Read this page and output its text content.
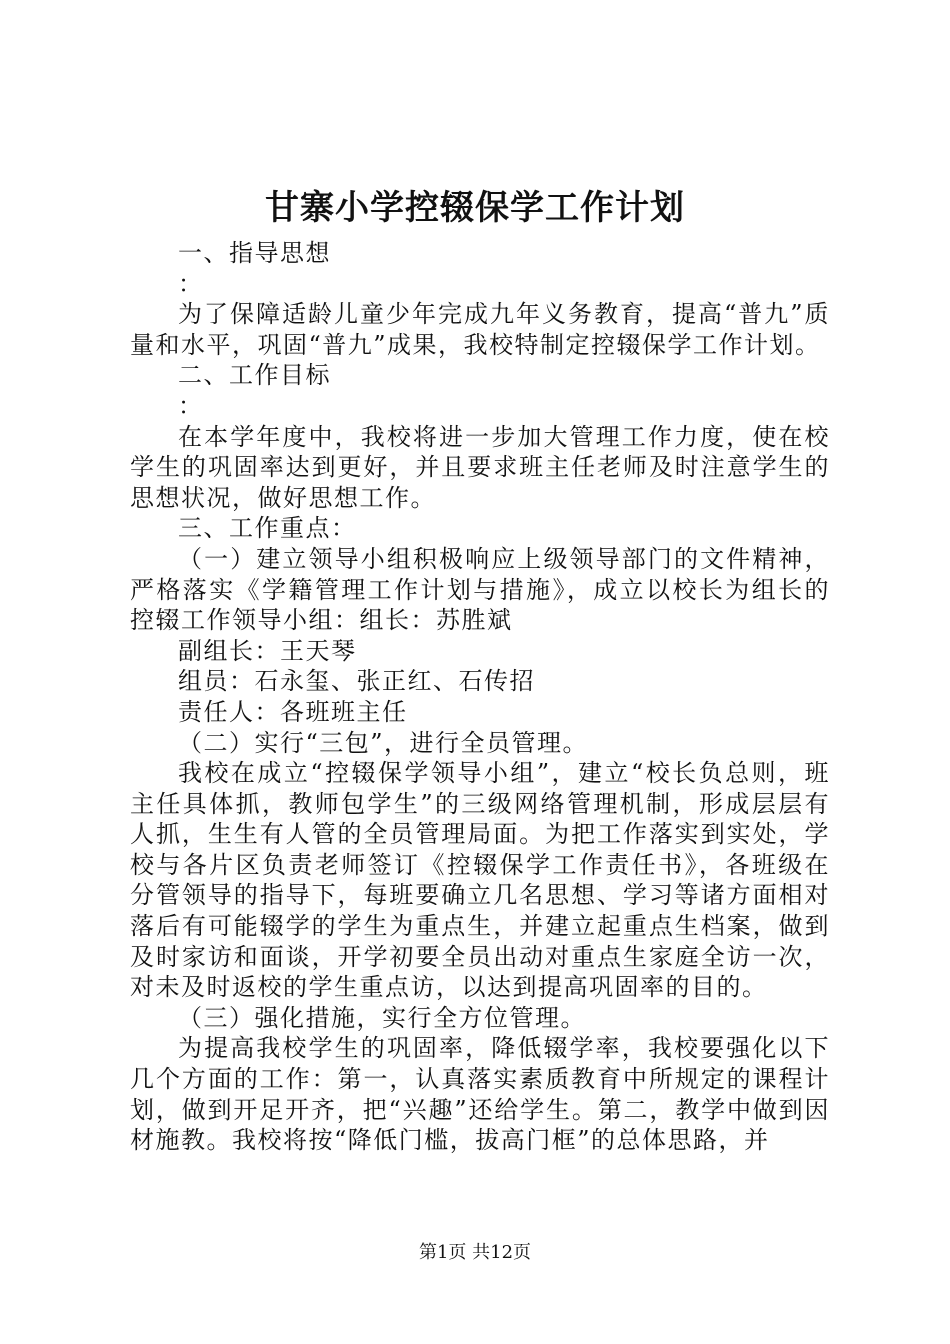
甘寨小学控辍保学工作计划

一、指导思想

：

为了保障适龄儿童少年完成九年义务教育，提高“普九”质量和水平，巩固“普九”成果，我校特制定控辍保学工作计划。

二、工作目标

：

在本学年度中，我校将进一步加大管理工作力度，使在校学生的巩固率达到更好，并且要求班主任老师及时注意学生的思想状况，做好思想工作。

三、工作重点：

（一）建立领导小组积极响应上级领导部门的文件精神，严格落实《学籍管理工作计划与措施》，成立以校长为组长的控辍工作领导小组：组长：苏胜斌

副组长：王天琴

组员：石永玺、张正红、石传招

责任人：各班班主任

（二）实行“三包”，进行全员管理。

我校在成立“控辍保学领导小组”，建立“校长负总则，班主任具体抓，教师包学生”的三级网络管理机制，形成层层有人抓，生生有人管的全员管理局面。为把工作落实到实处，学校与各片区负责老师签订《控辍保学工作责任书》，各班级在分管领导的指导下，每班要确立几名思想、学习等诸方面相对落后有可能辍学的学生为重点生，并建立起重点生档案，做到及时家访和面谈，开学初要全员出动对重点生家庭全访一次，对未及时返校的学生重点访，以达到提高巩固率的目的。

（三）强化措施，实行全方位管理。

为提高我校学生的巩固率，降低辍学率，我校要强化以下几个方面的工作：第一，认真落实素质教育中所规定的课程计划，做到开足开齐，把“兴趣”还给学生。第二，教学中做到因材施教。我校将按“降低门槛，拔高门框”的总体思路，并

第1页 共12页
